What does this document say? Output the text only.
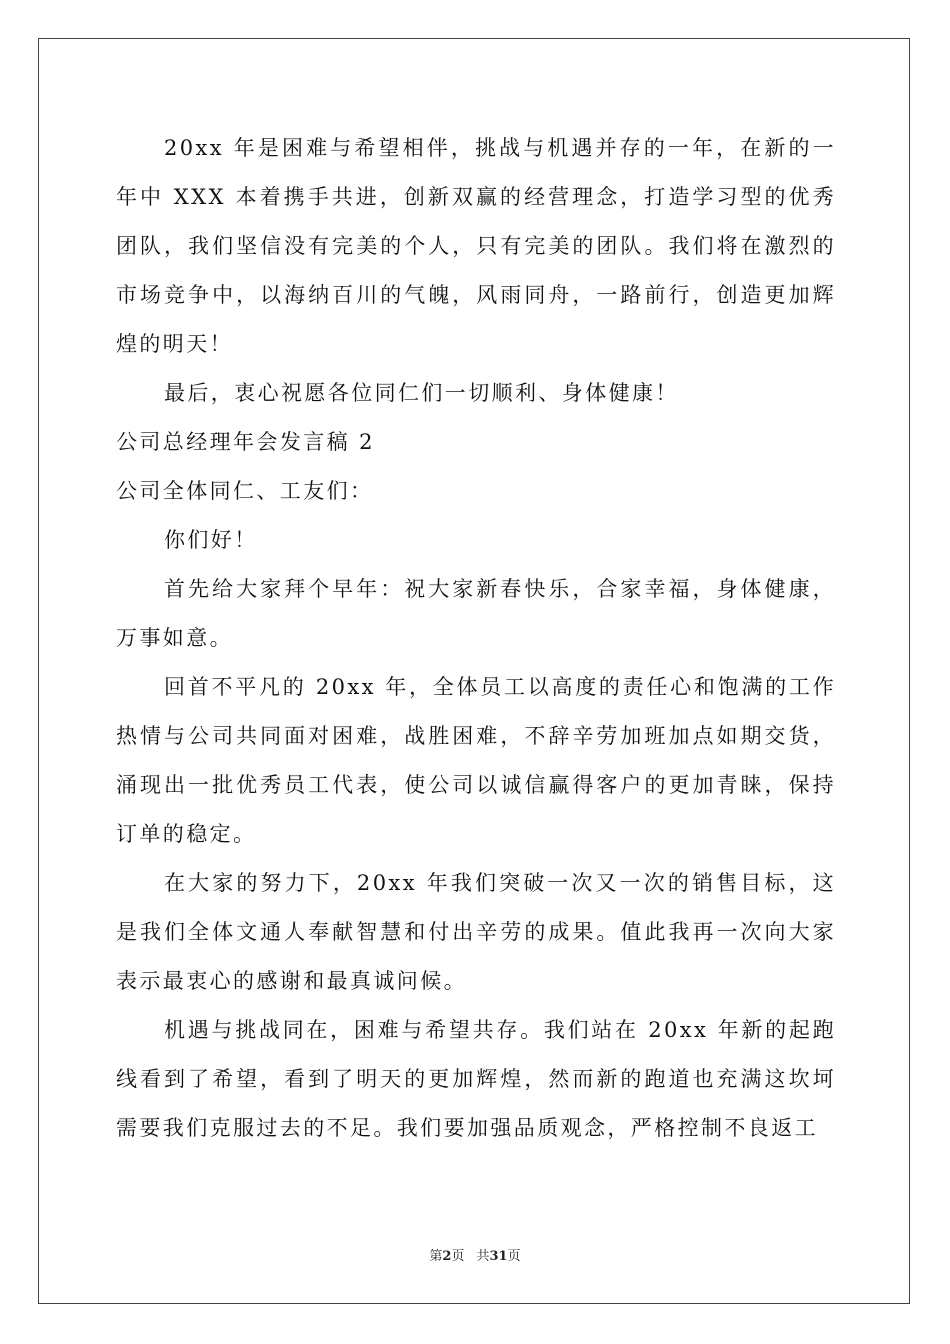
20xx 年是困难与希望相伴，挑战与机遇并存的一年，在新的一年中 XXX 本着携手共进，创新双赢的经营理念，打造学习型的优秀团队，我们坚信没有完美的个人，只有完美的团队。我们将在激烈的市场竞争中，以海纳百川的气魄，风雨同舟，一路前行，创造更加辉煌的明天！

最后，衷心祝愿各位同仁们一切顺利、身体健康！

公司总经理年会发言稿 2

公司全体同仁、工友们：

你们好！

首先给大家拜个早年：祝大家新春快乐，合家幸福，身体健康，万事如意。

回首不平凡的 20xx 年，全体员工以高度的责任心和饱满的工作热情与公司共同面对困难，战胜困难，不辞辛劳加班加点如期交货，涌现出一批优秀员工代表，使公司以诚信赢得客户的更加青睐，保持订单的稳定。

在大家的努力下，20xx 年我们突破一次又一次的销售目标，这是我们全体文通人奉献智慧和付出辛劳的成果。值此我再一次向大家表示最衷心的感谢和最真诚问候。

机遇与挑战同在，困难与希望共存。我们站在 20xx 年新的起跑线看到了希望，看到了明天的更加辉煌，然而新的跑道也充满这坎坷需要我们克服过去的不足。我们要加强品质观念，严格控制不良返工

第2页 共31页
